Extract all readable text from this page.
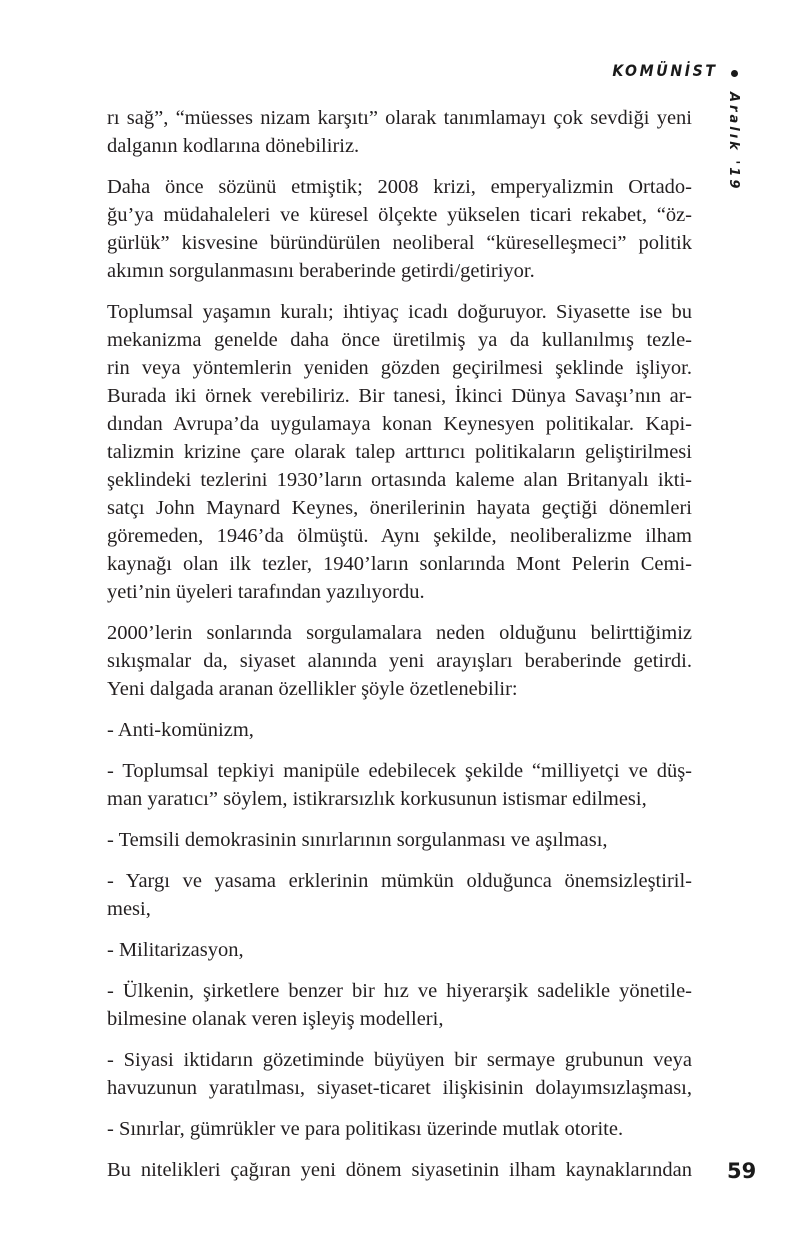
KOMÜNİST
Aralık '19
rı sağ”, “müesses nizam karşıtı” olarak tanımlamayı çok sevdiği yeni
dalganın kodlarına dönebiliriz.
Daha önce sözünü etmiştik; 2008 krizi, emperyalizmin Ortado-
ğu’ya müdahaleleri ve küresel ölçekte yükselen ticari rekabet, “öz-
gürlük” kisvesine büründürülen neoliberal “küreselleşmeci” politik
akımın sorgulanmasını beraberinde getirdi/getiriyor.
Toplumsal yaşamın kuralı; ihtiyaç icadı doğuruyor. Siyasette ise bu
mekanizma genelde daha önce üretilmiş ya da kullanılmış tezle-
rin veya yöntemlerin yeniden gözden geçirilmesi şeklinde işliyor.
Burada iki örnek verebiliriz. Bir tanesi, İkinci Dünya Savaşı’nın ar-
dından Avrupa’da uygulamaya konan Keynesyen politikalar. Kapi-
talizmin krizine çare olarak talep arttırıcı politikaların geliştirilmesi
şeklindeki tezlerini 1930’ların ortasında kaleme alan Britanyalı ikti-
satçı John Maynard Keynes, önerilerinin hayata geçtiği dönemleri
göremeden, 1946’da ölmüştü. Aynı şekilde, neoliberalizme ilham
kaynağı olan ilk tezler, 1940’ların sonlarında Mont Pelerin Cemi-
yeti’nin üyeleri tarafından yazılıyordu.
2000’lerin sonlarında sorgulamalara neden olduğunu belirttiğimiz
sıkışmalar da, siyaset alanında yeni arayışları beraberinde getirdi.
Yeni dalgada aranan özellikler şöyle özetlenebilir:
- Anti-komünizm,
- Toplumsal tepkiyi manipüle edebilecek şekilde “milliyetçi ve düş-
man yaratıcı” söylem, istikrarsızlık korkusunun istismar edilmesi,
- Temsili demokrasinin sınırlarının sorgulanması ve aşılması,
- Yargı ve yasama erklerinin mümkün olduğunca önemsizleştiril-
mesi,
- Militarizasyon,
- Ülkenin, şirketlere benzer bir hız ve hiyerarşik sadelikle yönetile-
bilmesine olanak veren işleyiş modelleri,
- Siyasi iktidarın gözetiminde büyüyen bir sermaye grubunun veya
havuzunun yaratılması, siyaset-ticaret ilişkisinin dolayımsızlaşması,
- Sınırlar, gümrükler ve para politikası üzerinde mutlak otorite.
Bu nitelikleri çağıran yeni dönem siyasetinin ilham kaynaklarından 59
